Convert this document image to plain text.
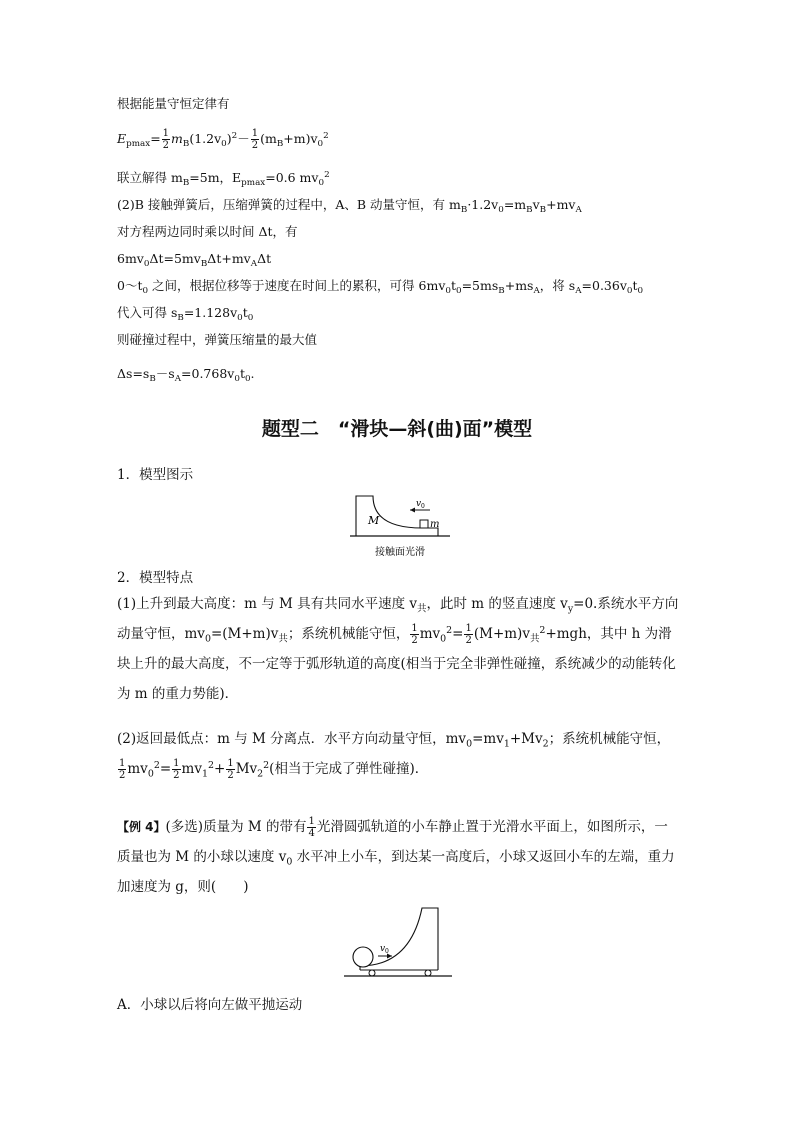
根据能量守恒定律有
$E_{pmax}= \frac{1}{2} m_B(1.2v_0)^2- \frac{1}{2} (m_B+m)v_0^2$
联立解得 $m_B=5m$，$E_{pmax}=0.6$ $mv_0^2$
(2)B 接触弹簧后，压缩弹簧的过程中，A、B 动量守恒，有 $m_B\cdot 1.2v_0=m_Bv_B+mv_A$
对方程两边同时乘以时间 Δt，有
$6mv_0\Delta t=5mv_B\Delta t+mv_A\Delta t$
$0\sim t_0$ 之间，根据位移等于速度在时间上的累积，可得 $6mv_0t_0=5ms_B+ms_A$，将 $s_A=0.36v_0t_0$
代入可得 $s_B=1.128v_0t_0$
则碰撞过程中，弹簧压缩量的最大值
$\Delta s=s_B-s_A=0.768v_0t_0$.
题型二　“滑块—斜(曲)面”模型
1．模型图示
M	m
v 0
接触面光滑
2．模型特点
(1)上升到最大高度：m 与 M 具有共同水平速度 $v_共$，此时 m 的竖直速度 $v_y=0$.系统水平方向动量守恒，$mv_0=(M+m)v_共$；系统机械能守恒， $\frac{1}{2} mv_0^2= \frac{1}{2} (M+m)v_共^2+mgh$，其中 h 为滑块上升的最大高度，不一定等于弧形轨道的高度(相当于完全非弹性碰撞，系统减少的动能转化为 m 的重力势能)．
(2)返回最低点：m 与 M 分离点．水平方向动量守恒，$mv_0=mv_1+Mv_2$；系统机械能守恒，
$\frac{1}{2} mv_0^2= \frac{1}{2} mv_1^2+ \frac{1}{2} Mv_2^2$(相当于完成了弹性碰撞)．
【例 4】(多选)质量为 M 的带有 $\frac{1}{4}$ 光滑圆弧轨道的小车静止置于光滑水平面上，如图所示，一质量也为 M 的小球以速度 $v_0$ 水平冲上小车，到达某一高度后，小球又返回小车的左端，重力加速度为 g，则(　　)
v 0
A．小球以后将向左做平抛运动
